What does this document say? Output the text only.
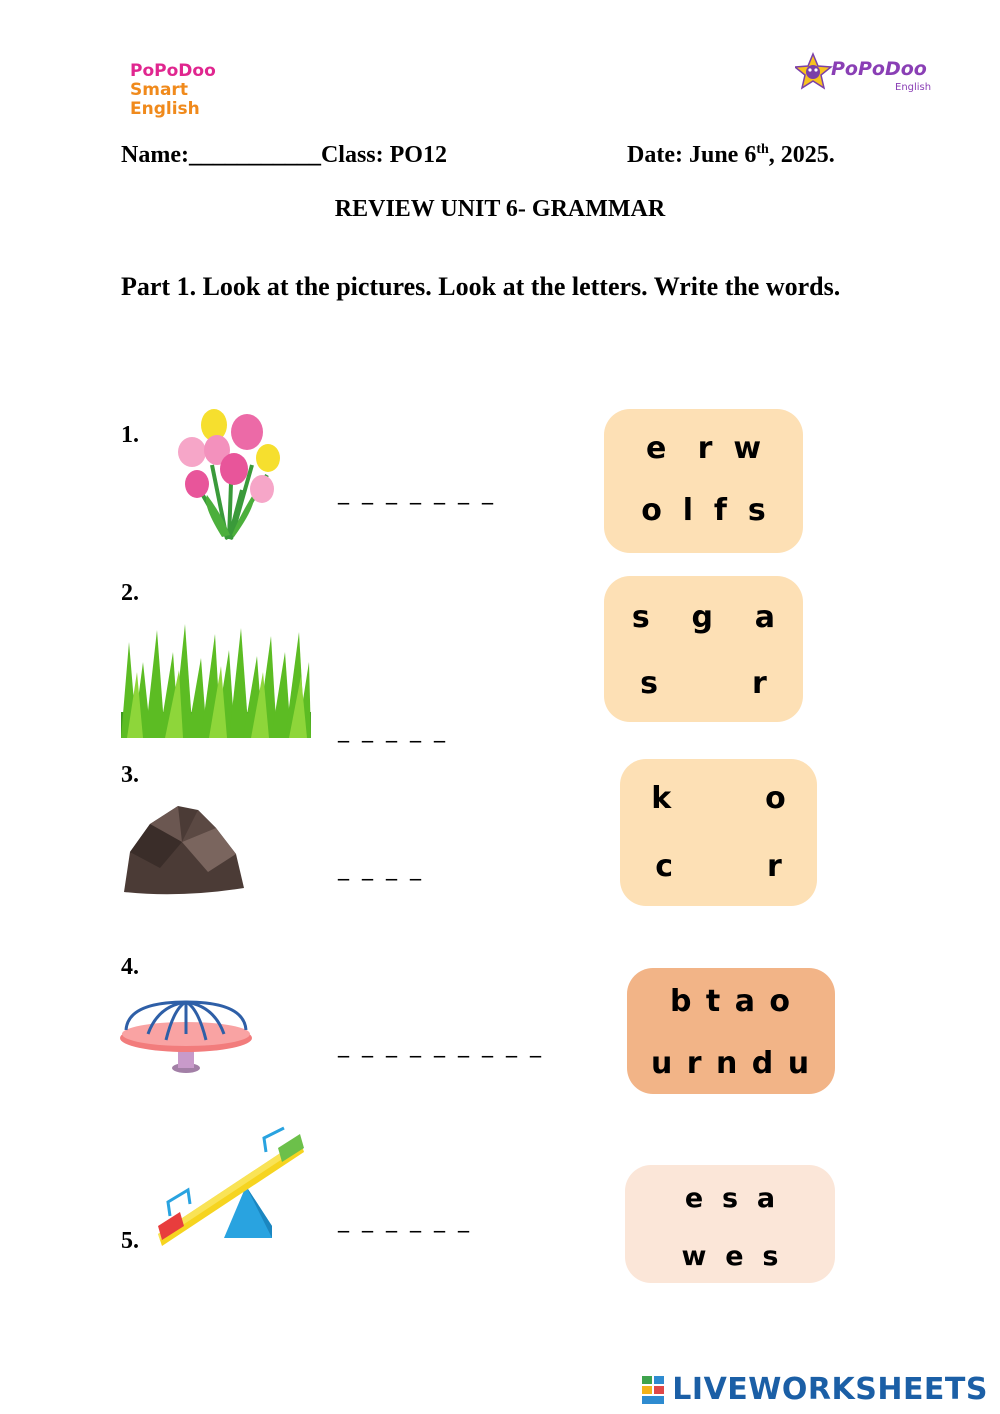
PoPoDoo
Smart English
PoPoDoo
English
Name:___________Class: PO12	Date: June 6th, 2025.
REVIEW UNIT 6- GRAMMAR
Part 1. Look at the pictures. Look at the letters. Write the words.
1.
_ _ _ _ _ _ _
e   r  w
o  l  f  s
2.
_ _ _ _ _
s    g    a
s         r
3.
_ _ _ _
k         o
c         r
4.
_ _ _ _ _ _ _ _ _
b t a o
u r n d u
5.
_ _ _ _ _ _
e  s  a
w  e  s
LIVEWORKSHEETS
